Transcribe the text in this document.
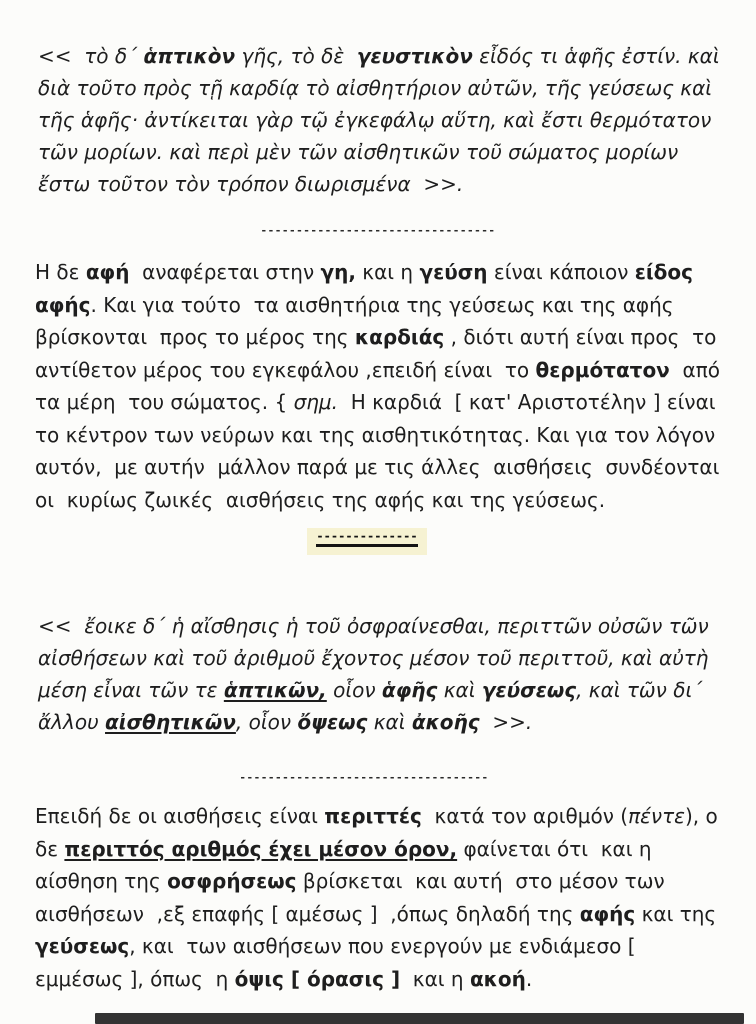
<<  τὸ δ΄ ἁπτικὸν γῆς, τὸ δὲ  γευστικὸν εἶδός τι ἁφῆς ἐστίν. καὶ διὰ τοῦτο πρὸς τῇ καρδίᾳ τὸ αἰσθητήριον αὐτῶν, τῆς γεύσεως καὶ τῆς ἁφῆς· ἀντίκειται γὰρ τῷ ἐγκεφάλῳ αὕτη, καὶ ἔστι θερμότατον τῶν μορίων. καὶ περὶ μὲν τῶν αἰσθητικῶν τοῦ σώματος μορίων ἔστω τοῦτον τὸν τρόπον διωρισμένα  >>.
---------------------------------
Η δε αφή  αναφέρεται στην γη, και η γεύση είναι κάποιον είδος  αφής. Και για τούτο  τα αισθητήρια της γεύσεως και της αφής βρίσκονται  προς το μέρος της καρδιάς , διότι αυτή είναι προς  το αντίθετον μέρος του εγκεφάλου ,επειδή είναι  το θερμότατον  από τα μέρη  του σώματος. { σημ.  Η καρδιά  [ κατ' Αριστοτέλην ] είναι το κέντρον των νεύρων και της αισθητικότητας. Και για τον λόγον  αυτόν,  με αυτήν  μάλλον παρά με τις άλλες  αισθήσεις  συνδέονται οι  κυρίως ζωικές  αισθήσεις της αφής και της γεύσεως.
--------------
<<  ἔοικε δ΄ ἡ αἴσθησις ἡ τοῦ ὀσφραίνεσθαι, περιττῶν οὐσῶν τῶν αἰσθήσεων καὶ τοῦ ἀριθμοῦ ἔχοντος μέσον τοῦ περιττοῦ, καὶ αὐτὴ μέση εἶναι τῶν τε ἁπτικῶν, οἷον ἁφῆς καὶ γεύσεως, καὶ τῶν δι΄ ἄλλου αἰσθητικῶν, οἷον ὄψεως καὶ ἀκοῆς  >>.
-----------------------------------
Επειδή δε οι αισθήσεις είναι περιττές  κατά τον αριθμόν (πέντε), ο δε περιττός αριθμός έχει μέσον όρον, φαίνεται ότι  και η αίσθηση της οσφρήσεως βρίσκεται  και αυτή  στο μέσον των αισθήσεων  ,εξ επαφής [ αμέσως ]  ,όπως δηλαδή της αφής και της γεύσεως, και  των αισθήσεων που ενεργούν με ενδιάμεσο [ εμμέσως ], όπως  η όψις [ όρασις ]  και η ακοή.
